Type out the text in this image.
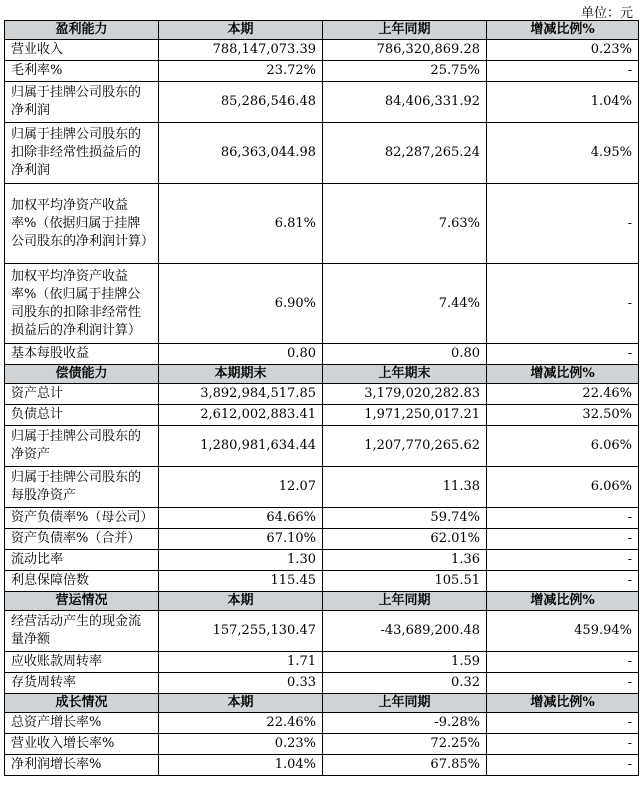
单位：元
盈利能力	本期	上年同期	增减比例%
营业收入	788,147,073.39	786,320,869.28	0.23%
毛利率%	23.72%	25.75%	-
归属于挂牌公司股东的净利润	85,286,546.48	84,406,331.92	1.04%
归属于挂牌公司股东的扣除非经常性损益后的净利润	86,363,044.98	82,287,265.24	4.95%
加权平均净资产收益率%（依据归属于挂牌公司股东的净利润计算）	6.81%	7.63%	-
加权平均净资产收益率%（依归属于挂牌公司股东的扣除非经常性损益后的净利润计算）	6.90%	7.44%	-
基本每股收益	0.80	0.80	-
偿债能力	本期期末	上年期末	增减比例%
资产总计	3,892,984,517.85	3,179,020,282.83	22.46%
负债总计	2,612,002,883.41	1,971,250,017.21	32.50%
归属于挂牌公司股东的净资产	1,280,981,634.44	1,207,770,265.62	6.06%
归属于挂牌公司股东的每股净资产	12.07	11.38	6.06%
资产负债率%（母公司）	64.66%	59.74%	-
资产负债率%（合并）	67.10%	62.01%	-
流动比率	1.30	1.36	-
利息保障倍数	115.45	105.51	-
营运情况	本期	上年同期	增减比例%
经营活动产生的现金流量净额	157,255,130.47	-43,689,200.48	459.94%
应收账款周转率	1.71	1.59	-
存货周转率	0.33	0.32	-
成长情况	本期	上年同期	增减比例%
总资产增长率%	22.46%	-9.28%	-
营业收入增长率%	0.23%	72.25%	-
净利润增长率%	1.04%	67.85%	-
